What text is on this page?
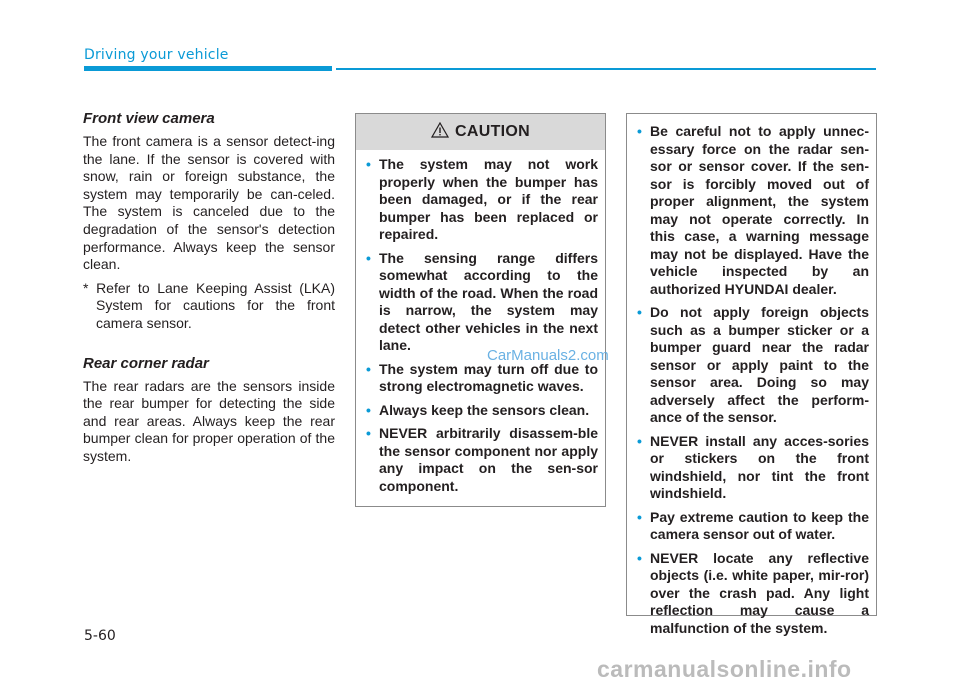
Driving your vehicle
Front view camera

The front camera is a sensor detect-ing the lane. If the sensor is covered with snow, rain or foreign substance, the system may temporarily be can-celed. The system is canceled due to the degradation of the sensor's detection performance. Always keep the sensor clean.

* Refer to Lane Keeping Assist (LKA) System for cautions for the front camera sensor.

Rear corner radar

The rear radars are the sensors inside the rear bumper for detecting the side and rear areas. Always keep the rear bumper clean for proper operation of the system.

CAUTION
• The system may not work properly when the bumper has been damaged, or if the rear bumper has been replaced or repaired.
• The sensing range differs somewhat according to the width of the road. When the road is narrow, the system may detect other vehicles in the next lane.
• The system may turn off due to strong electromagnetic waves.
• Always keep the sensors clean.
• NEVER arbitrarily disassem-ble the sensor component nor apply any impact on the sen-sor component.
• Be careful not to apply unnec-essary force on the radar sen-sor or sensor cover. If the sen-sor is forcibly moved out of proper alignment, the system may not operate correctly. In this case, a warning message may not be displayed. Have the vehicle inspected by an authorized HYUNDAI dealer.
• Do not apply foreign objects such as a bumper sticker or a bumper guard near the radar sensor or apply paint to the sensor area. Doing so may adversely affect the perform-ance of the sensor.
• NEVER install any acces-sories or stickers on the front windshield, nor tint the front windshield.
• Pay extreme caution to keep the camera sensor out of water.
• NEVER locate any reflective objects (i.e. white paper, mir-ror) over the crash pad. Any light reflection may cause a malfunction of the system.
CarManuals2.com
5-60
carmanualsonline.info
